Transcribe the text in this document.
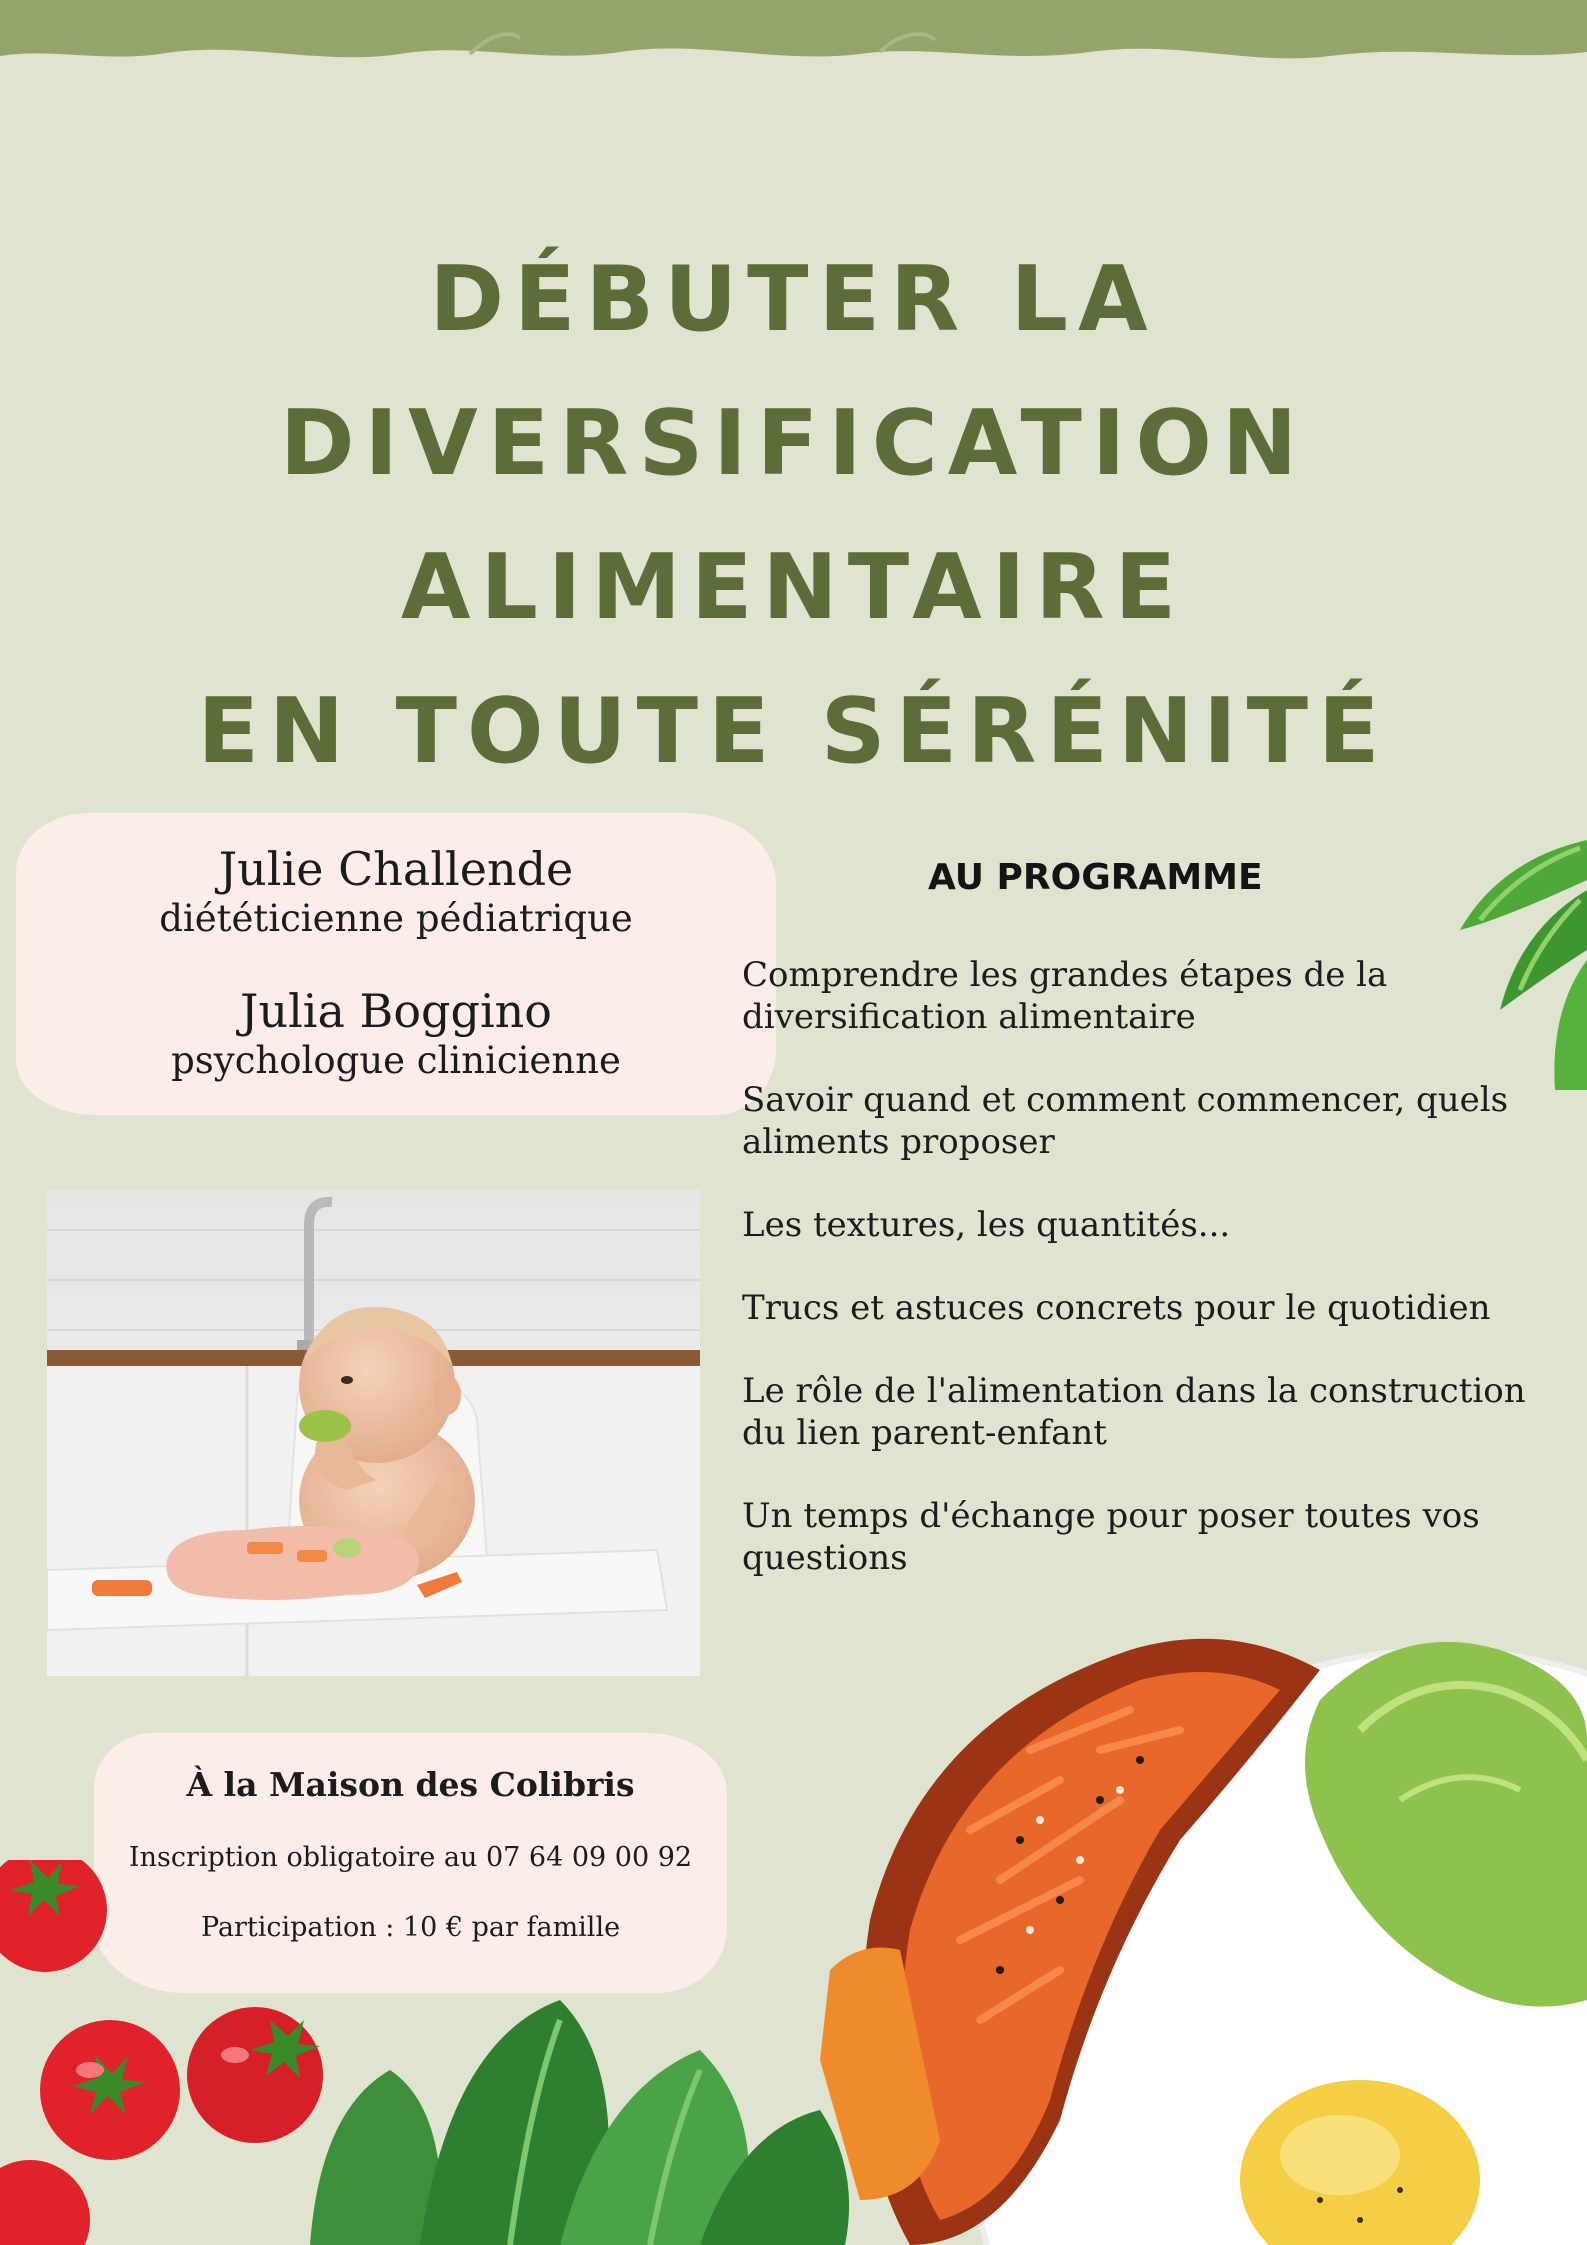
DÉBUTER LA
DIVERSIFICATION
ALIMENTAIRE
EN TOUTE SÉRÉNITÉ
Julie Challende
diététicienne pédiatrique
Julia Boggino
psychologue clinicienne
AU PROGRAMME
Comprendre les grandes étapes de la diversification alimentaire
Savoir quand et comment commencer, quels aliments proposer
Les textures, les quantités...
Trucs et astuces concrets pour le quotidien
Le rôle de l'alimentation dans la construction du lien parent-enfant
Un temps d'échange pour poser toutes vos questions
À la Maison des Colibris
Inscription obligatoire au 07 64 09 00 92
Participation : 10 € par famille
